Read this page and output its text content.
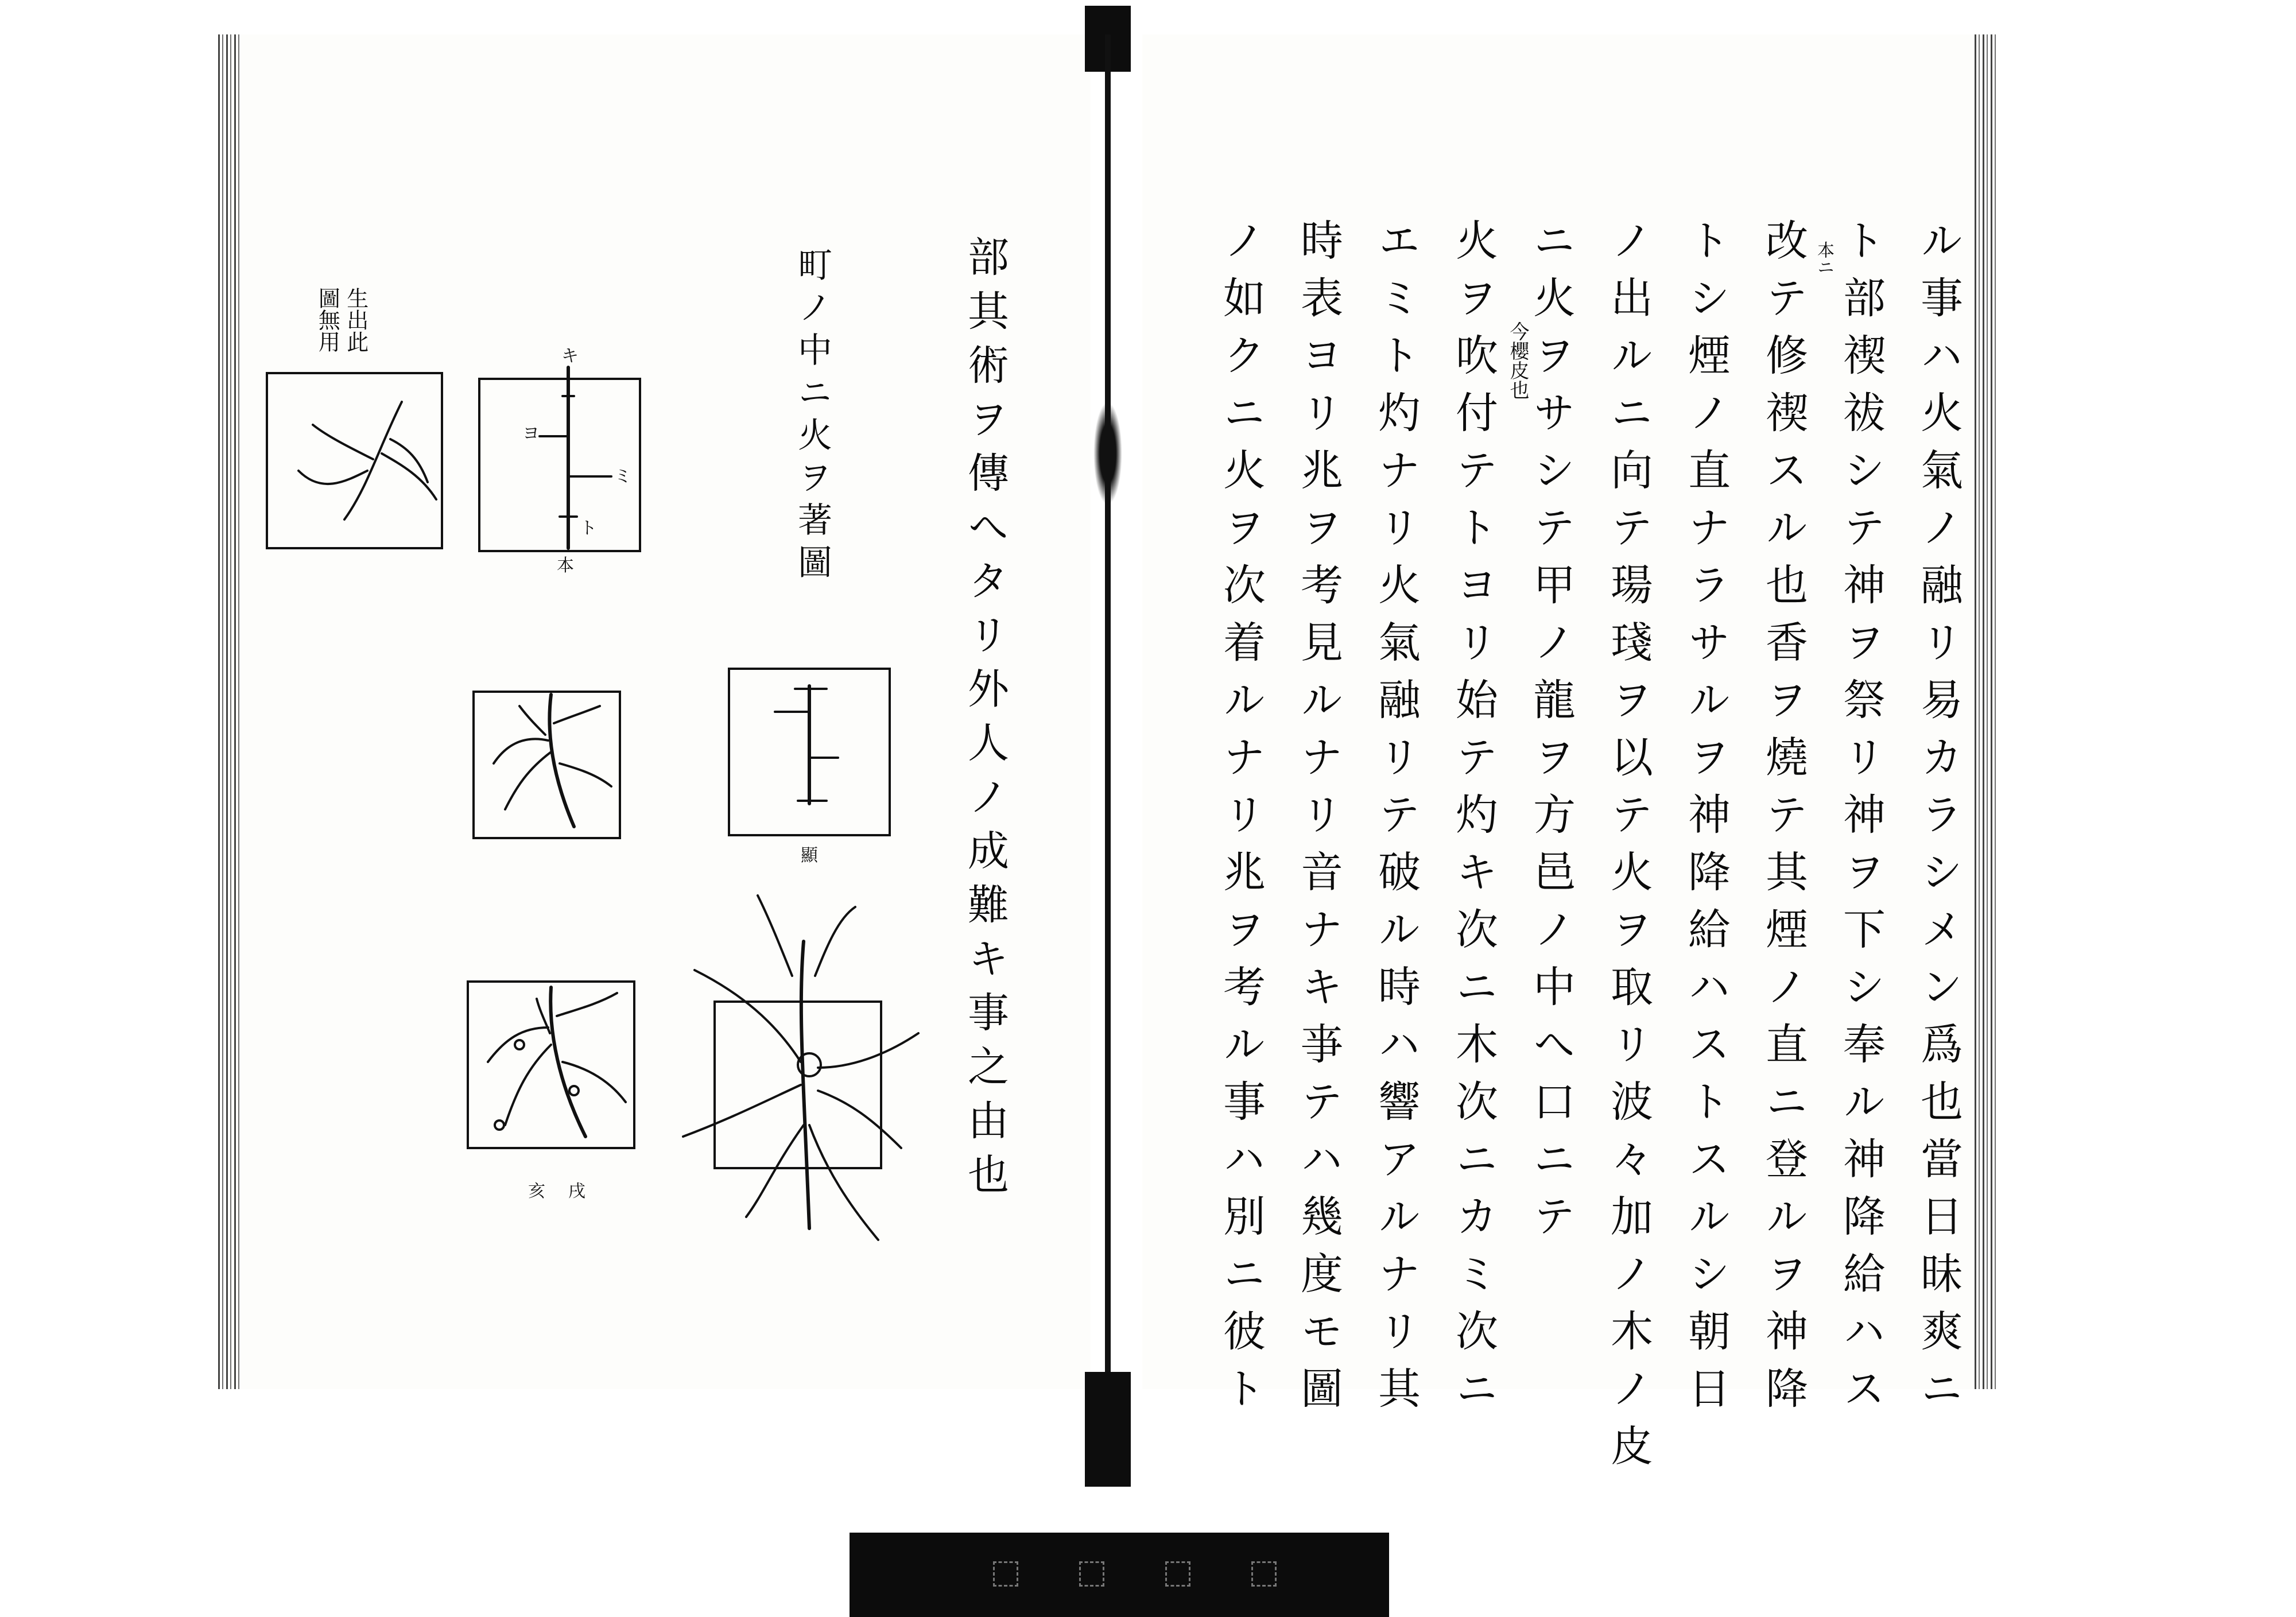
ル事ハ火氣ノ融リ易カラシメン爲也當日昧爽ニ
ト部禊祓シテ神ヲ祭リ神ヲ下シ奉ル神降給ハス
改テ修禊スル也香ヲ燒テ其煙ノ直ニ登ルヲ神降
トシ煙ノ直ナラサルヲ神降給ハストスルシ朝日
ノ出ルニ向テ瑒琖ヲ以テ火ヲ取リ波々加ノ木ノ皮
ニ火ヲサシテ甲ノ龍ヲ方邑ノ中へ口ニテ
火ヲ吹付テトヨリ始テ灼キ次ニ木次ニカミ次ニ
エミト灼ナリ火氣融リテ破ル時ハ響アルナリ其
時表ヨリ兆ヲ考見ルナリ音ナキ亊テハ幾度モ圖
ノ如クニ火ヲ次着ルナリ兆ヲ考ル事ハ別ニ彼ト	本ニ
今櫻皮也
部其術ヲ傳へタリ外人ノ成難キ事之由也
町ノ中ニ火ヲ著圖
生出此圖無用
キ
ヨ
ミ
ト
本
顯
亥 戌
